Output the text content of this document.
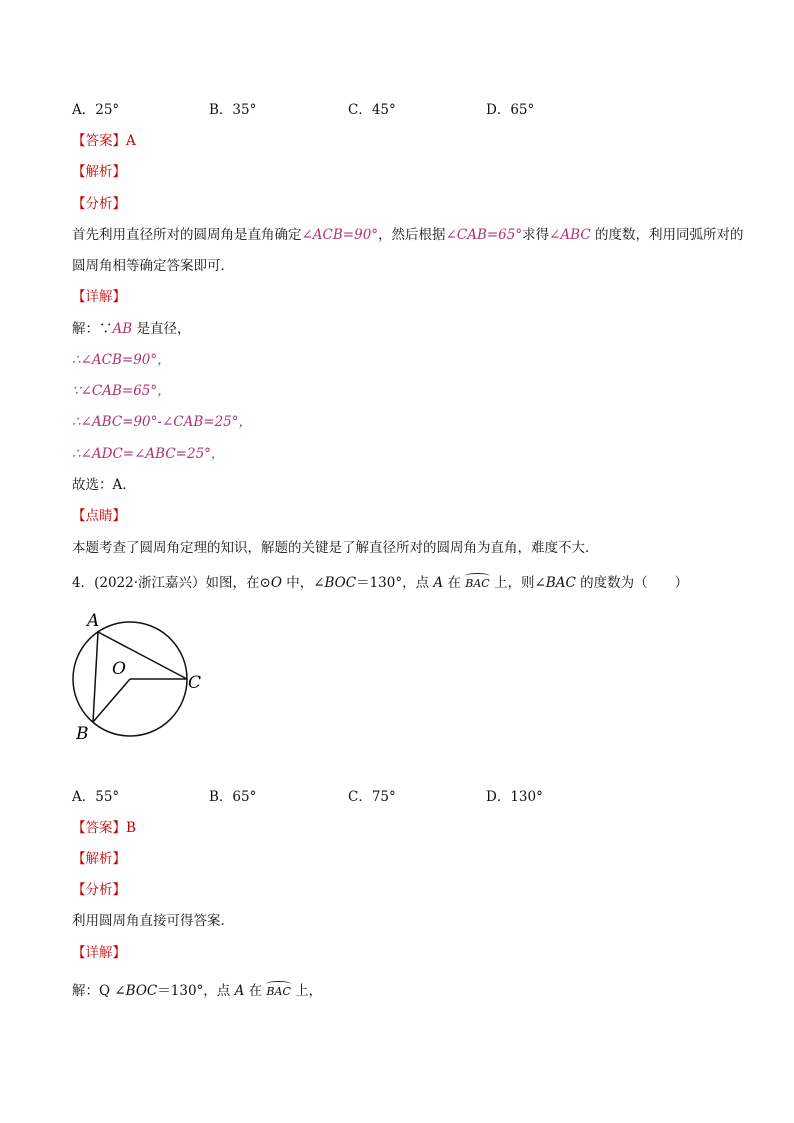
A．25°	B．35°	C．45°	D．65°
【答案】A
【解析】
【分析】
首先利用直径所对的圆周角是直角确定∠ACB=90°，然后根据∠CAB=65°求得∠ABC 的度数，利用同弧所对的
圆周角相等确定答案即可．
【详解】
解：∵AB 是直径，
∴∠ACB=90°，
∵∠CAB=65°，
∴∠ABC=90°-∠CAB=25°，
∴∠ADC=∠ABC=25°，
故选：A．
【点睛】
本题考查了圆周角定理的知识，解题的关键是了解直径所对的圆周角为直角，难度不大．
4．(2022·浙江嘉兴）如图，在⊙O 中，∠BOC＝130°，点 A 在 BAC 上，则∠BAC 的度数为（　　）
A
B
C
O
A．55°	B．65°	C．75°	D．130°
【答案】B
【解析】
【分析】
利用圆周角直接可得答案．
【详解】
解：Q ∠BOC＝130°，点 A 在 BAC 上，
